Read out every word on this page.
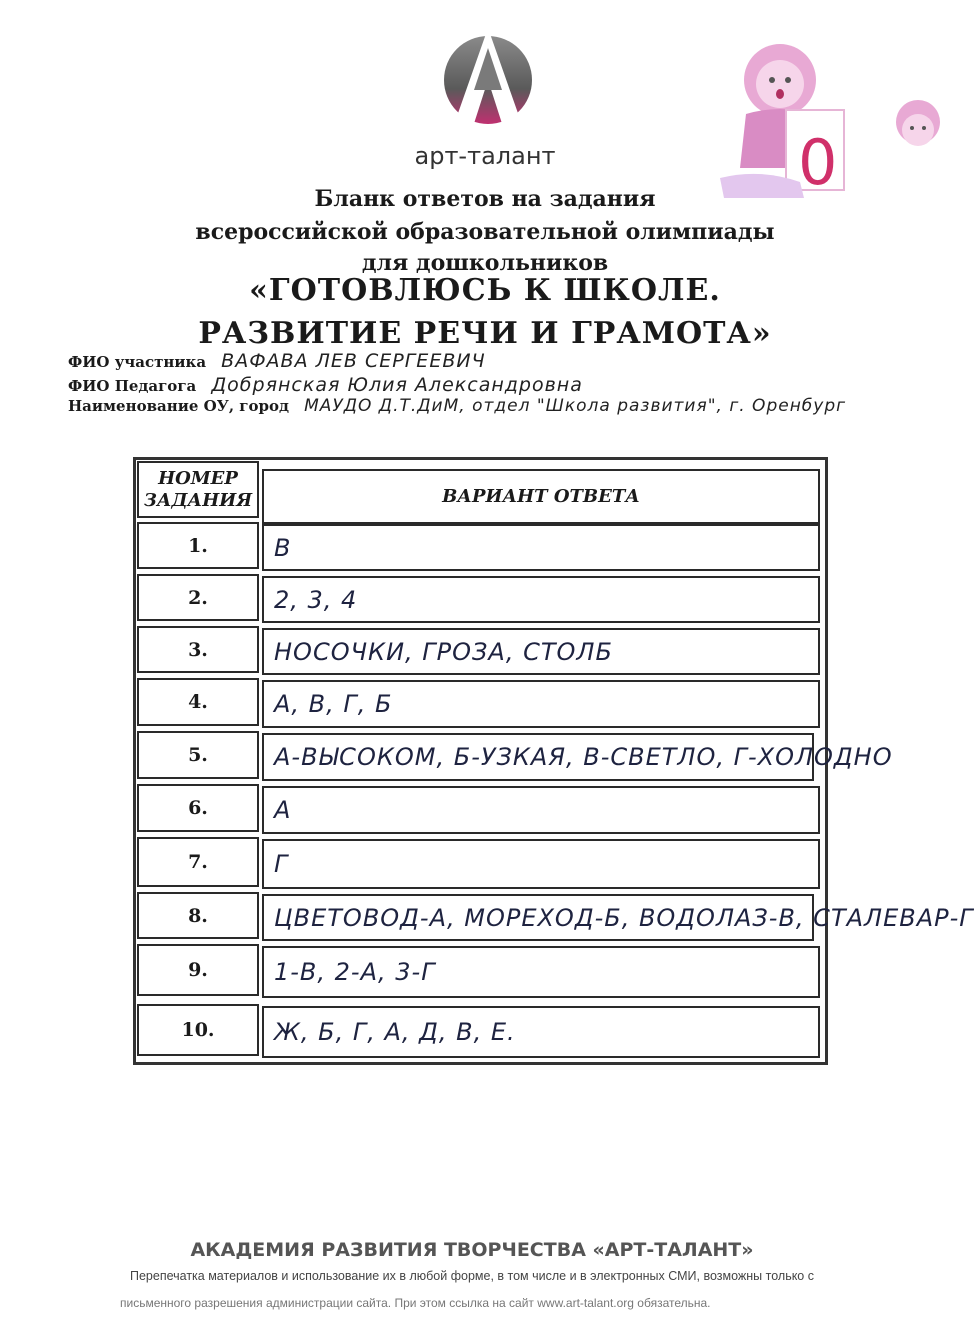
арт-талант	0
Бланк ответов на задания
всероссийской образовательной олимпиады
для дошкольников
«ГОТОВЛЮСЬ К ШКОЛЕ.
РАЗВИТИЕ РЕЧИ И ГРАМОТА»
ФИО участника ВАФАВА ЛЕВ СЕРГЕЕВИЧ
ФИО Педагога Добрянская Юлия Александровна
Наименование ОУ, город МАУДО Д.Т.ДиМ, отдел "Школа развития", г. Оренбург
НОМЕР
ЗАДАНИЯ	ВАРИАНТ ОТВЕТА
1.	В
2.	2, 3, 4
3.	НОСОЧКИ, ГРОЗА, СТОЛБ
4.	А, В, Г, Б
5.	А-ВЫСОКОМ, Б-УЗКАЯ, В-СВЕТЛО, Г-ХОЛОДНО
6.	А
7.	Г
8.	ЦВЕТОВОД-А, МОРЕХОД-Б, ВОДОЛАЗ-В, СТАЛЕВАР-Г
9.	1-В, 2-А, 3-Г
10.	Ж, Б, Г, А, Д, В, Е.
АКАДЕМИЯ РАЗВИТИЯ ТВОРЧЕСТВА «АРТ-ТАЛАНТ»
Перепечатка материалов и использование их в любой форме, в том числе и в электронных СМИ, возможны только с
письменного разрешения администрации сайта. При этом ссылка на сайт www.art-talant.org обязательна.
